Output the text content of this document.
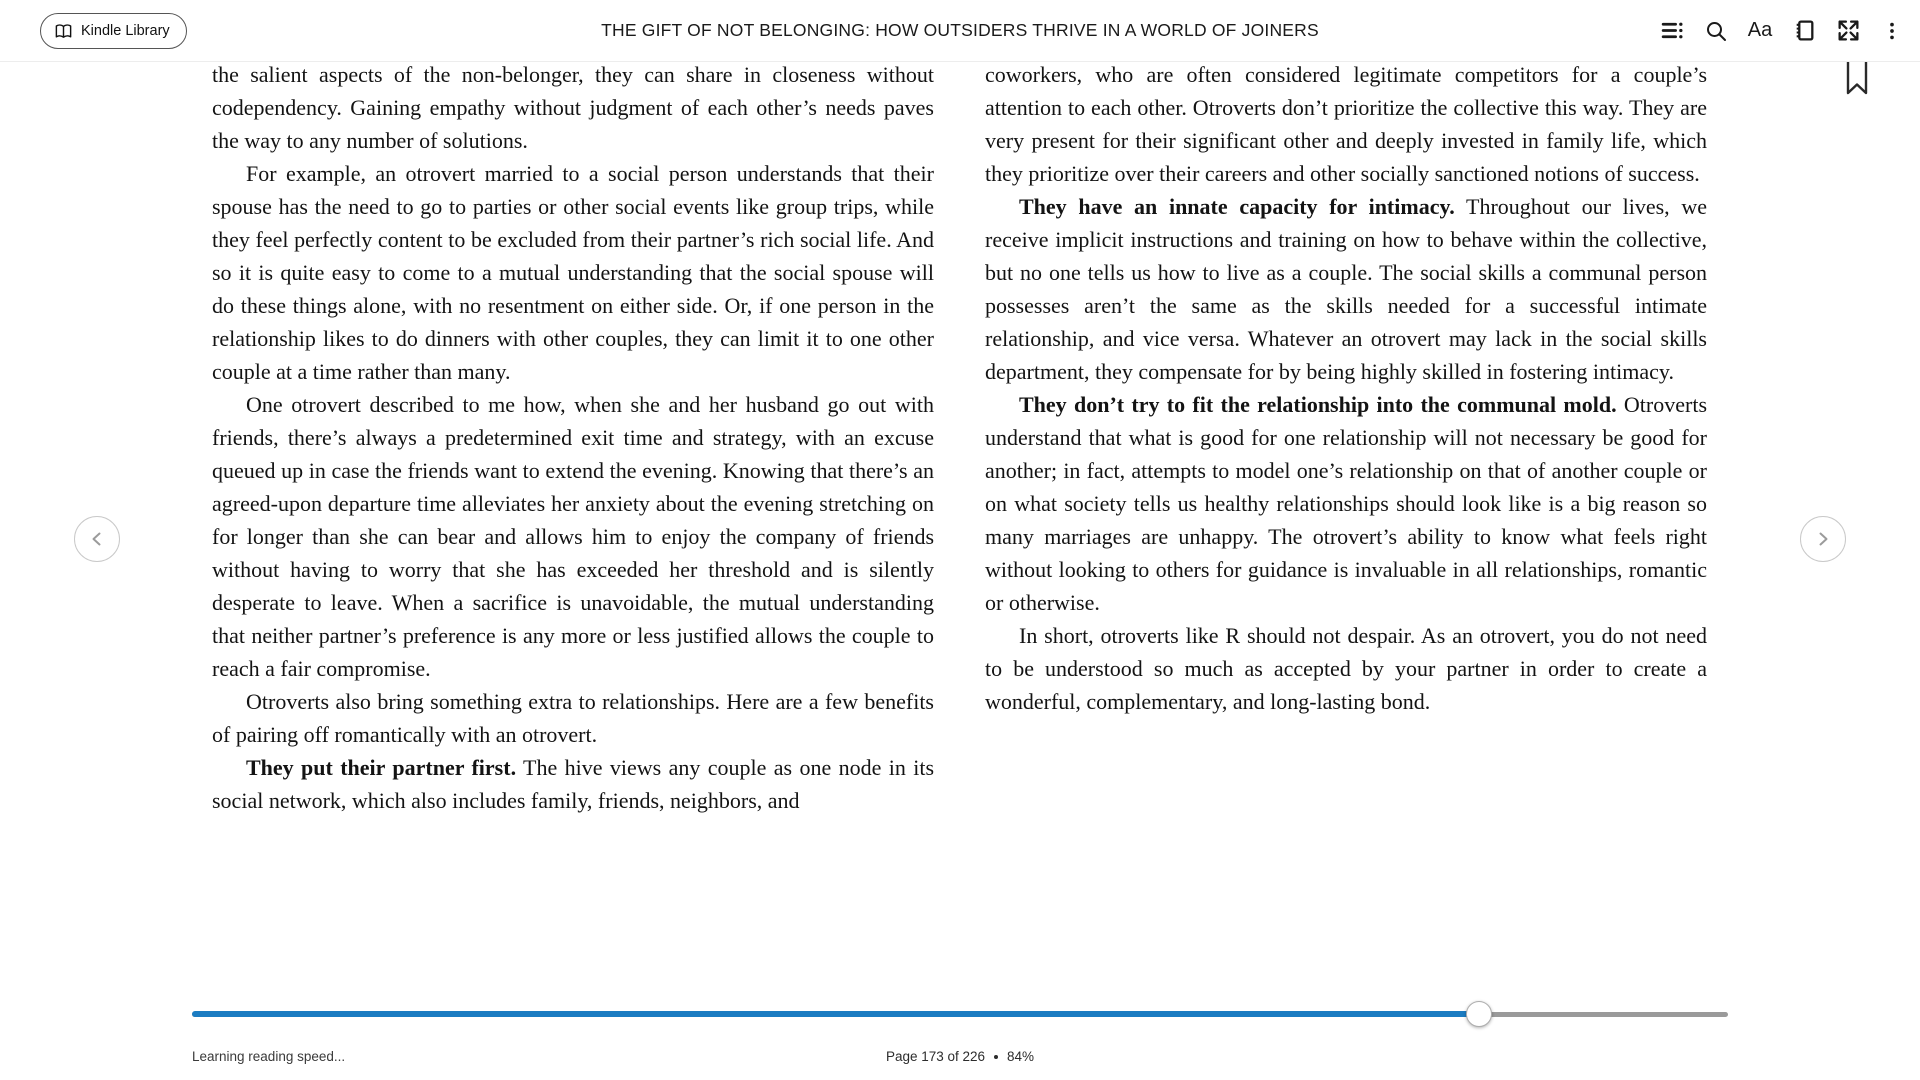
Kindle Library	THE GIFT OF NOT BELONGING: HOW OUTSIDERS THRIVE IN A WORLD OF JOINERS	Aa

the salient aspects of the non-belonger, they can share in closeness without codependency. Gaining empathy without judgment of each other’s needs paves the way to any number of solutions.

For example, an otrovert married to a social person understands that their spouse has the need to go to parties or other social events like group trips, while they feel perfectly content to be excluded from their partner’s rich social life. And so it is quite easy to come to a mutual understanding that the social spouse will do these things alone, with no resentment on either side. Or, if one person in the relationship likes to do dinners with other couples, they can limit it to one other couple at a time rather than many.

One otrovert described to me how, when she and her husband go out with friends, there’s always a predetermined exit time and strategy, with an excuse queued up in case the friends want to extend the evening. Knowing that there’s an agreed-upon departure time alleviates her anxiety about the evening stretching on for longer than she can bear and allows him to enjoy the company of friends without having to worry that she has exceeded her threshold and is silently desperate to leave. When a sacrifice is unavoidable, the mutual understanding that neither partner’s preference is any more or less justified allows the couple to reach a fair compromise.

Otroverts also bring something extra to relationships. Here are a few benefits of pairing off romantically with an otrovert.

They put their partner first. The hive views any couple as one node in its social network, which also includes family, friends, neighbors, and

coworkers, who are often considered legitimate competitors for a couple’s attention to each other. Otroverts don’t prioritize the collective this way. They are very present for their significant other and deeply invested in family life, which they prioritize over their careers and other socially sanctioned notions of success.

They have an innate capacity for intimacy. Throughout our lives, we receive implicit instructions and training on how to behave within the collective, but no one tells us how to live as a couple. The social skills a communal person possesses aren’t the same as the skills needed for a successful intimate relationship, and vice versa. Whatever an otrovert may lack in the social skills department, they compensate for by being highly skilled in fostering intimacy.

They don’t try to fit the relationship into the communal mold. Otroverts understand that what is good for one relationship will not necessary be good for another; in fact, attempts to model one’s relationship on that of another couple or on what society tells us healthy relationships should look like is a big reason so many marriages are unhappy. The otrovert’s ability to know what feels right without looking to others for guidance is invaluable in all relationships, romantic or otherwise.

In short, otroverts like R should not despair. As an otrovert, you do not need to be understood so much as accepted by your partner in order to create a wonderful, complementary, and long-lasting bond.

Learning reading speed...	Page 173 of 226 84%
